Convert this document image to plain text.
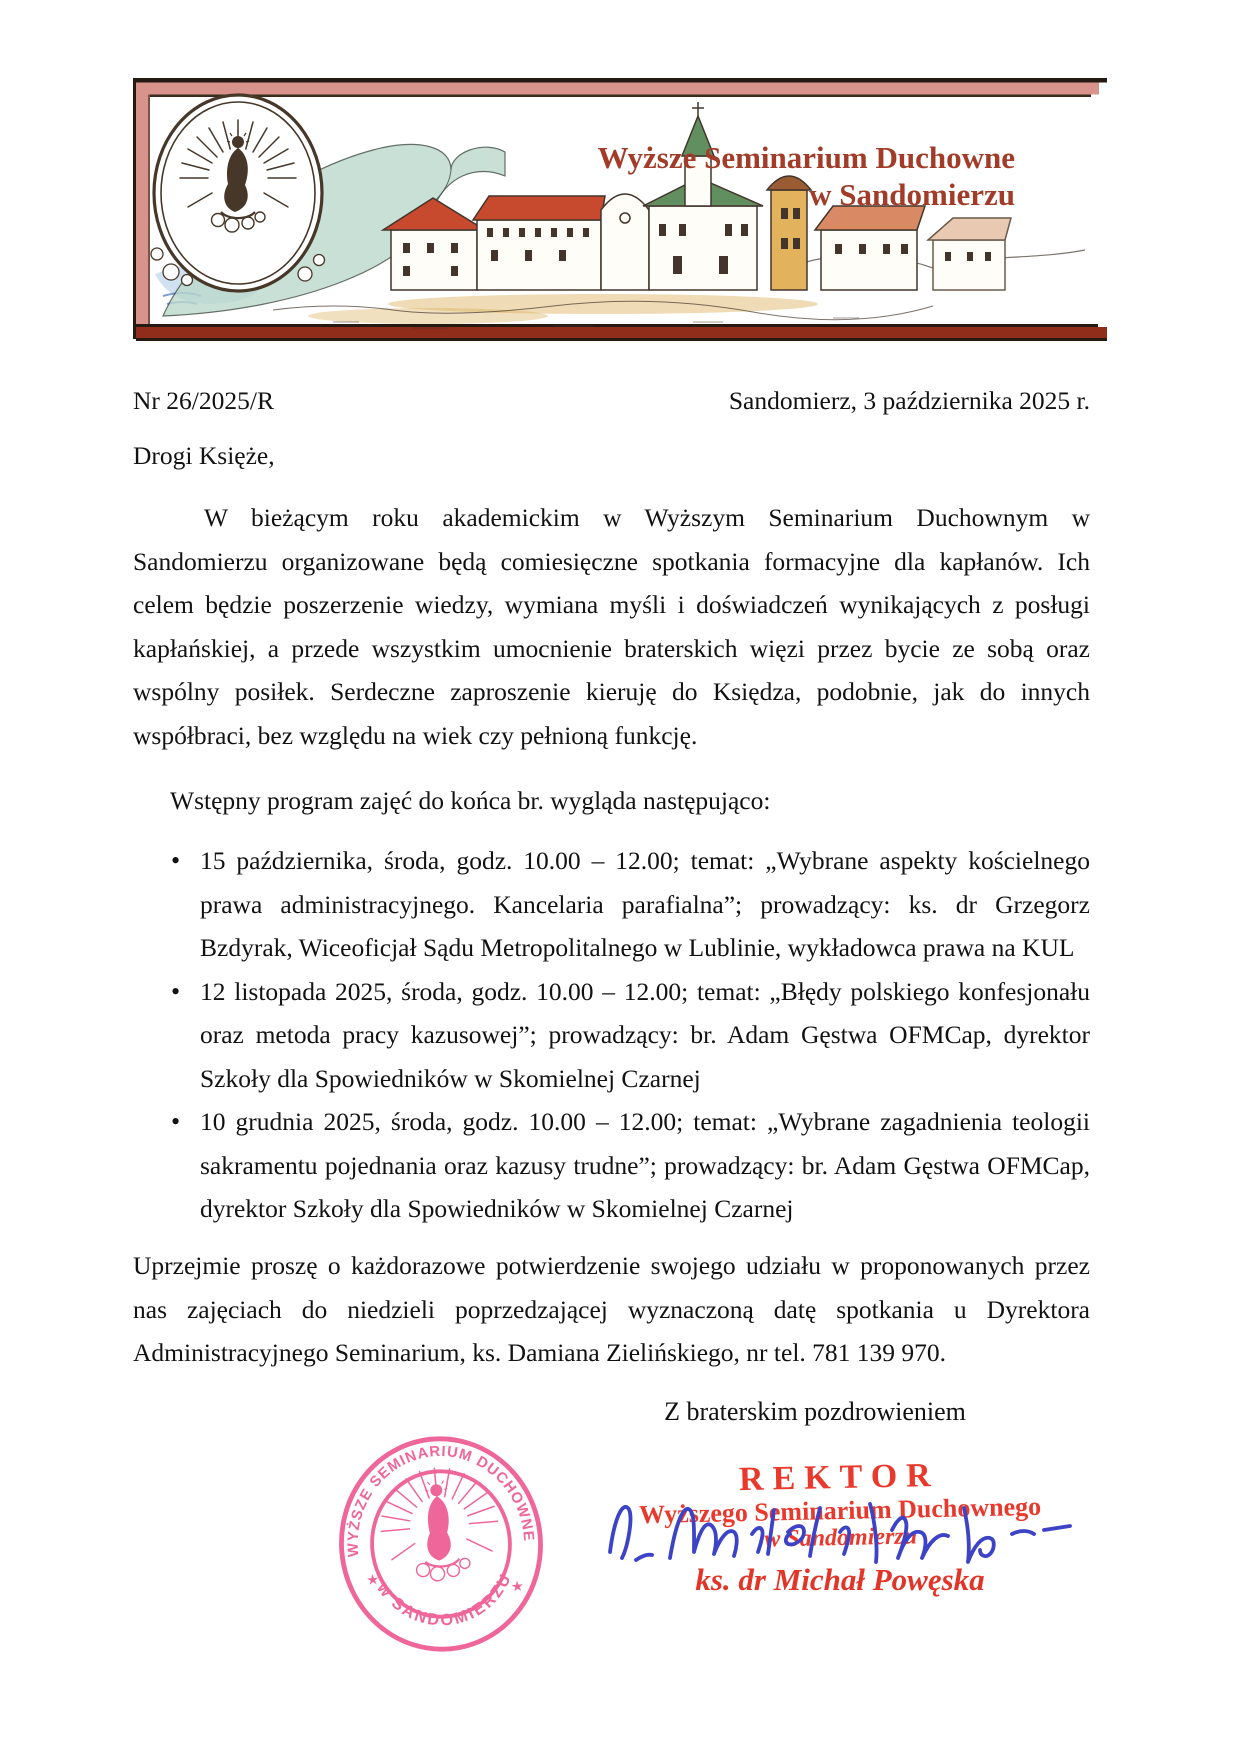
Wyższe Seminarium Duchowne
w Sandomierzu
Nr 26/2025/R	Sandomierz, 3 października 2025 r.
Drogi Księże,

W bieżącym roku akademickim w Wyższym Seminarium Duchownym w Sandomierzu organizowane będą comiesięczne spotkania formacyjne dla kapłanów. Ich celem będzie poszerzenie wiedzy, wymiana myśli i doświadczeń wynikających z posługi kapłańskiej, a przede wszystkim umocnienie braterskich więzi przez bycie ze sobą oraz wspólny posiłek. Serdeczne zaproszenie kieruję do Księdza, podobnie, jak do innych współbraci, bez względu na wiek czy pełnioną funkcję.

Wstępny program zajęć do końca br. wygląda następująco:

• 15 października, środa, godz. 10.00 – 12.00; temat: „Wybrane aspekty kościelnego prawa administracyjnego. Kancelaria parafialna”; prowadzący: ks. dr Grzegorz Bzdyrak, Wiceoficjał Sądu Metropolitalnego w Lublinie, wykładowca prawa na KUL
• 12 listopada 2025, środa, godz. 10.00 – 12.00; temat: „Błędy polskiego konfesjonału oraz metoda pracy kazusowej”; prowadzący: br. Adam Gęstwa OFMCap, dyrektor Szkoły dla Spowiedników w Skomielnej Czarnej
• 10 grudnia 2025, środa, godz. 10.00 – 12.00; temat: „Wybrane zagadnienia teologii sakramentu pojednania oraz kazusy trudne”; prowadzący: br. Adam Gęstwa OFMCap, dyrektor Szkoły dla Spowiedników w Skomielnej Czarnej

Uprzejmie proszę o każdorazowe potwierdzenie swojego udziału w proponowanych przez nas zajęciach do niedzieli poprzedzającej wyznaczoną datę spotkania u Dyrektora Administracyjnego Seminarium, ks. Damiana Zielińskiego, nr tel. 781 139 970.

Z braterskim pozdrowieniem
WYŻSZE SEMINARIUM DUCHOWNE
w SANDOMIERZU
★	★
REKTOR
Wyższego Seminarium Duchownego
w Sandomierzu
ks. dr Michał Powęska
